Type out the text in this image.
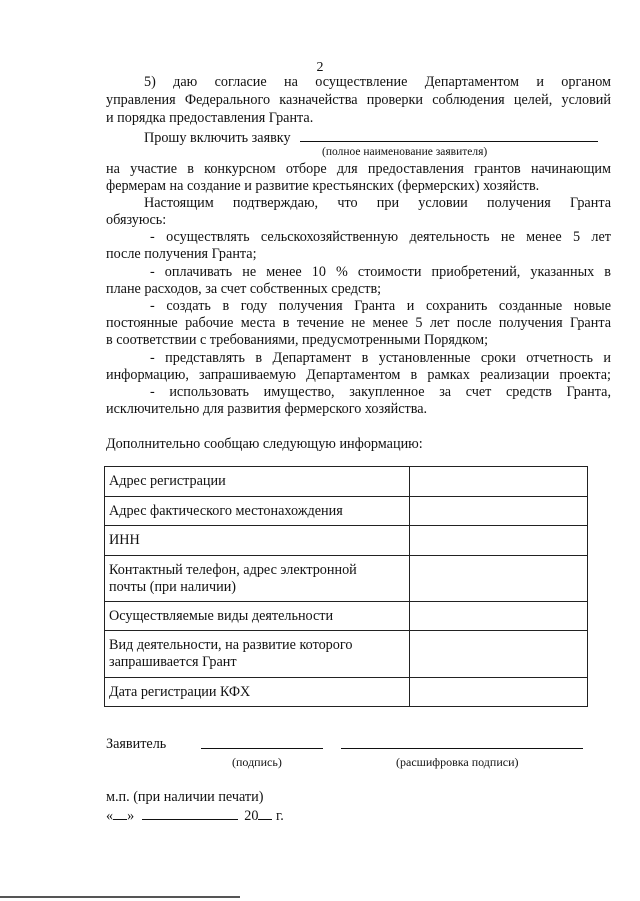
2
5) даю согласие на осуществление Департаментом и органом
управления Федерального казначейства проверки соблюдения целей, условий
и порядка предоставления Гранта.
Прошу включить заявку
(полное наименование заявителя)
на участие в конкурсном отборе для предоставления грантов начинающим
фермерам на создание и развитие крестьянских (фермерских) хозяйств.
Настоящим подтверждаю, что при условии получения Гранта
обязуюсь:
- осуществлять сельскохозяйственную деятельность не менее 5 лет
после получения Гранта;
- оплачивать не менее 10 % стоимости приобретений, указанных в
плане расходов, за счет собственных средств;
- создать в году получения Гранта и сохранить созданные новые
постоянные рабочие места в течение не менее 5 лет после получения Гранта
в соответствии с требованиями, предусмотренными Порядком;
- представлять в Департамент в установленные сроки отчетность и
информацию, запрашиваемую Департаментом в рамках реализации проекта;
- использовать имущество, закупленное за счет средств Гранта,
исключительно для развития фермерского хозяйства.
Дополнительно сообщаю следующую информацию:
Адрес регистрации	
Адрес фактического местонахождения	
ИНН	

Контактный телефон, адрес электронной
почты (при наличии)	

Осуществляемые виды деятельности	

Вид деятельности, на развитие которого
запрашивается Грант	

Дата регистрации КФХ	
Заявитель
(подпись)	(расшифровка подписи)
м.п. (при наличии печати)
« »	20 г.
